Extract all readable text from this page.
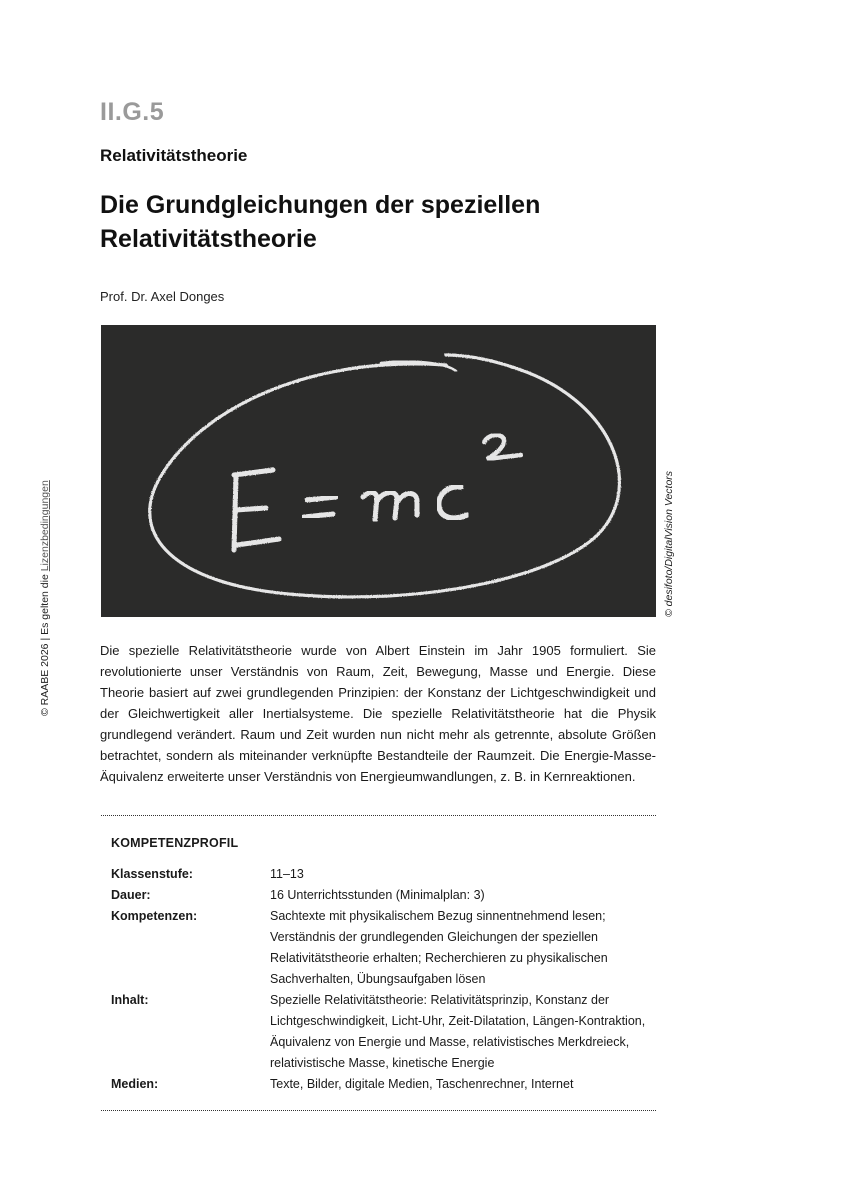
II.G.5
Relativitätstheorie
Die Grundgleichungen der speziellen Relativitätstheorie

Prof. Dr. Axel Donges

© desifoto/DigitalVision Vectors
© RAABE 2026 | Es gelten die Lizenzbedingungen

Die spezielle Relativitätstheorie wurde von Albert Einstein im Jahr 1905 formuliert. Sie revolutionierte unser Verständnis von Raum, Zeit, Bewegung, Masse und Energie. Diese Theorie basiert auf zwei grundlegenden Prinzipien: der Konstanz der Lichtgeschwindigkeit und der Gleichwertigkeit aller Inertialsysteme. Die spezielle Relativitätstheorie hat die Physik grundlegend verändert. Raum und Zeit wurden nun nicht mehr als getrennte, absolute Größen betrachtet, sondern als miteinander verknüpfte Bestandteile der Raumzeit. Die Energie-Masse-Äquivalenz erweiterte unser Verständnis von Energieumwandlungen, z. B. in Kernreaktionen.

KOMPETENZPROFIL
Klassenstufe:	11–13
Dauer:	16 Unterrichtsstunden (Minimalplan: 3)
Kompetenzen:	Sachtexte mit physikalischem Bezug sinnentnehmend lesen; Verständnis der grundlegenden Gleichungen der speziellen Relativitätstheorie erhalten; Recherchieren zu physikalischen Sachverhalten, Übungsaufgaben lösen
Inhalt:	Spezielle Relativitätstheorie: Relativitätsprinzip, Konstanz der Lichtgeschwindigkeit, Licht-Uhr, Zeit-Dilatation, Längen-Kontraktion, Äquivalenz von Energie und Masse, relativistisches Merkdreieck, relativistische Masse, kinetische Energie
Medien:	Texte, Bilder, digitale Medien, Taschenrechner, Internet
